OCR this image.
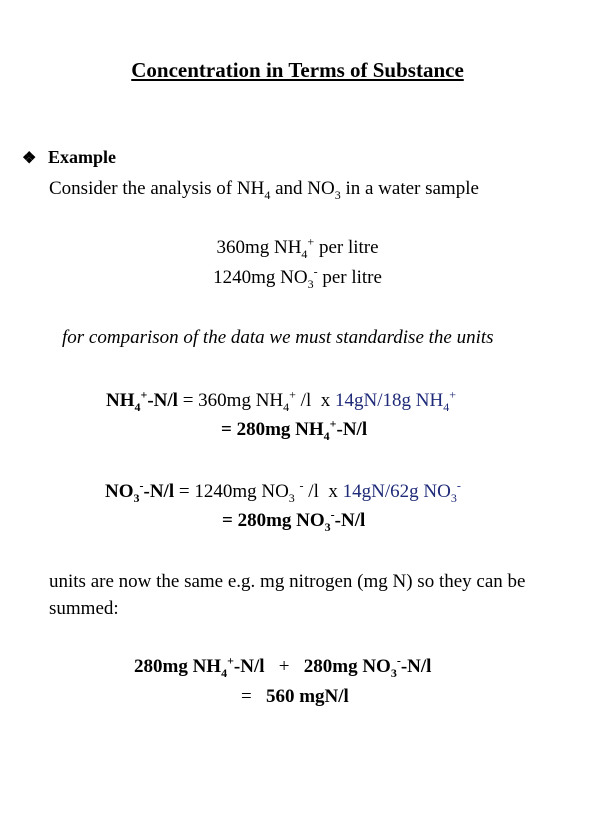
Concentration in Terms of Substance
❖ Example
Consider the analysis of $NH_4$ and $NO_3$ in a water sample
360mg $NH_4^+$ per litre
1240mg $NO_3^-$ per litre
for comparison of the data we must standardise the units
$NH_4^+-N/l = 360mg$ $NH_4^+$ /l  x 14gN/18g $NH_4^+$
= 280mg $NH_4^+-N/l$
$NO_3^--N/l = 1240mg$ $NO_3$ - /l  x 14gN/62g $NO_3^-$
= 280mg $NO_3^--N/l$
units are now the same e.g. mg nitrogen (mg N) so they can be
summed:
280mg $NH_4^+-N/l + 280mg$ $NO_3^--N/l$
=   560 mgN/l
